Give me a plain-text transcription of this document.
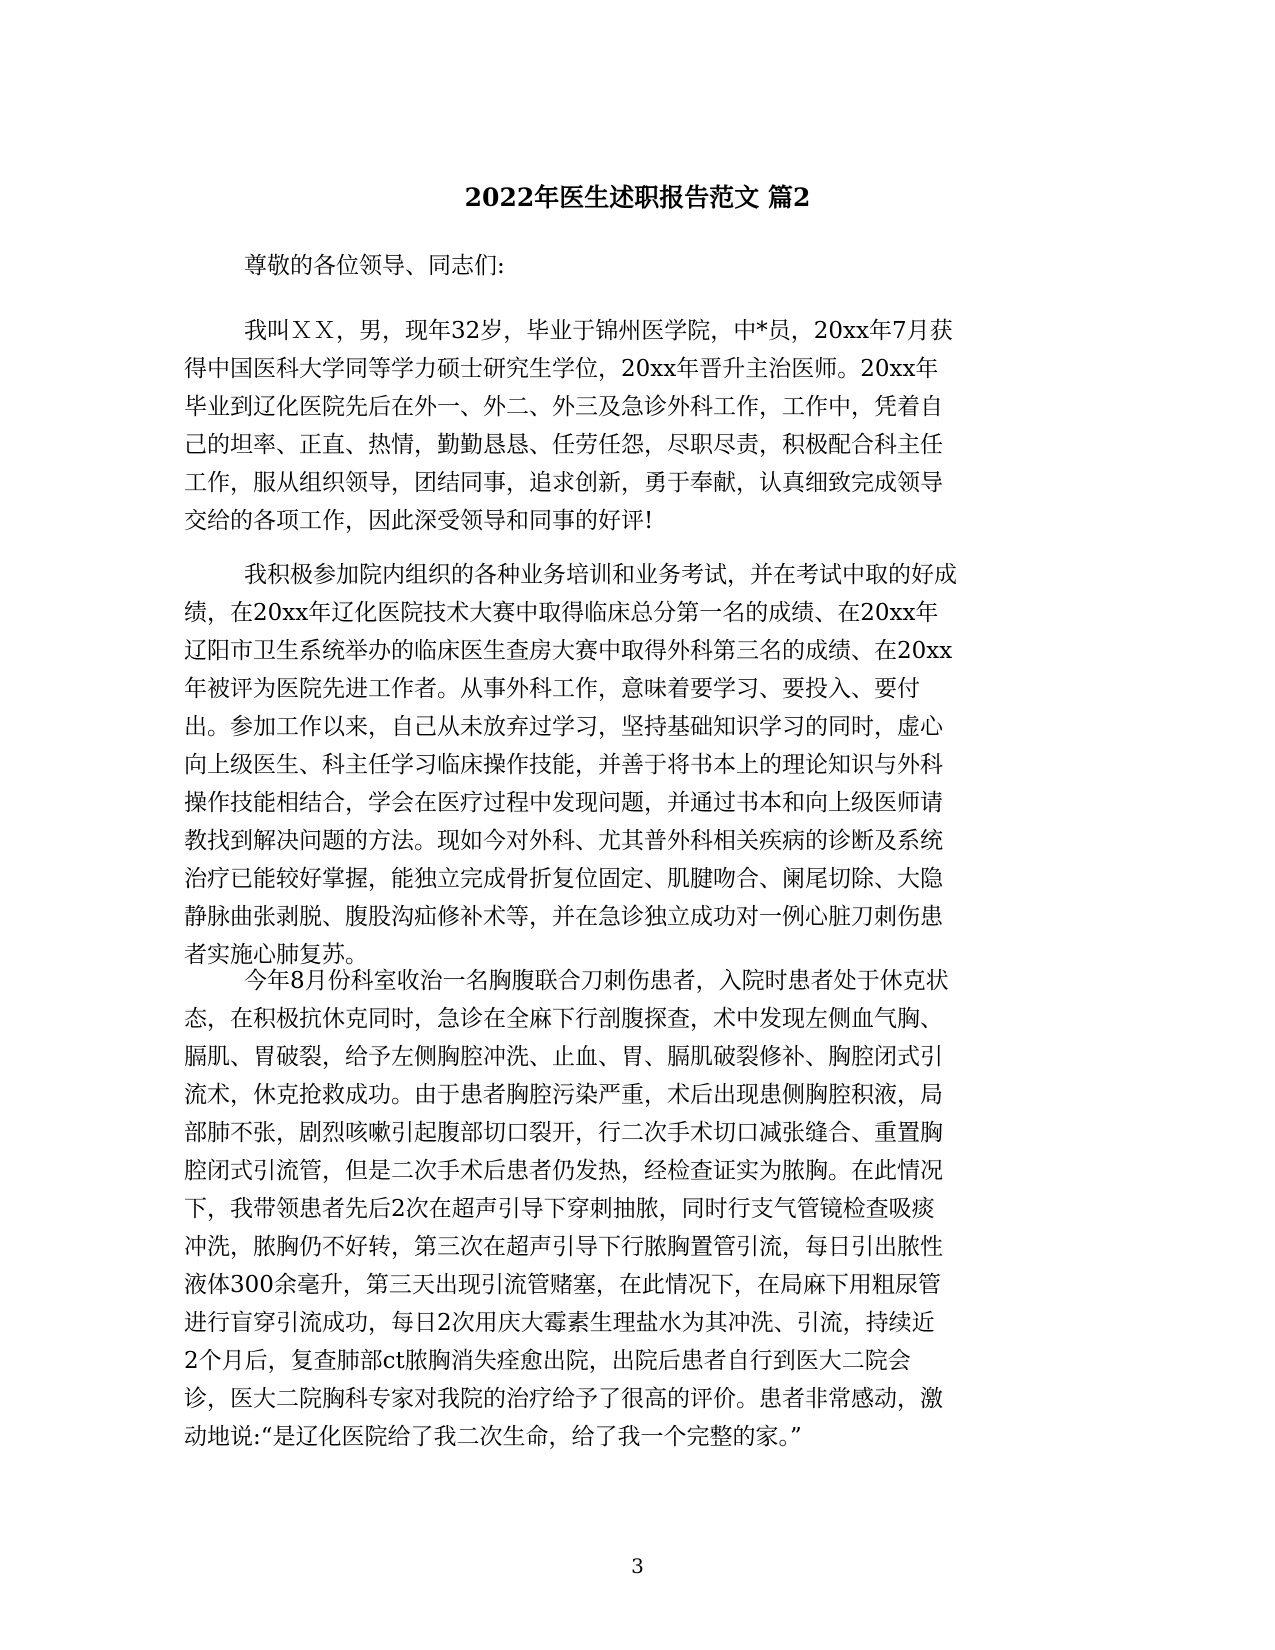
2022年医生述职报告范文 篇2

尊敬的各位领导、同志们:

我叫ＸＸ，男，现年32岁，毕业于锦州医学院，中*员，20xx年7月获
得中国医科大学同等学力硕士研究生学位，20xx年晋升主治医师。20xx年
毕业到辽化医院先后在外一、外二、外三及急诊外科工作，工作中，凭着自
己的坦率、正直、热情，勤勤恳恳、任劳任怨，尽职尽责，积极配合科主任
工作，服从组织领导，团结同事，追求创新，勇于奉献，认真细致完成领导
交给的各项工作，因此深受领导和同事的好评!
我积极参加院内组织的各种业务培训和业务考试，并在考试中取的好成
绩，在20xx年辽化医院技术大赛中取得临床总分第一名的成绩、在20xx年
辽阳市卫生系统举办的临床医生查房大赛中取得外科第三名的成绩、在20xx
年被评为医院先进工作者。从事外科工作，意味着要学习、要投入、要付
出。参加工作以来，自己从未放弃过学习，坚持基础知识学习的同时，虚心
向上级医生、科主任学习临床操作技能，并善于将书本上的理论知识与外科
操作技能相结合，学会在医疗过程中发现问题，并通过书本和向上级医师请
教找到解决问题的方法。现如今对外科、尤其普外科相关疾病的诊断及系统
治疗已能较好掌握，能独立完成骨折复位固定、肌腱吻合、阑尾切除、大隐
静脉曲张剥脱、腹股沟疝修补术等，并在急诊独立成功对一例心脏刀刺伤患
者实施心肺复苏。
今年8月份科室收治一名胸腹联合刀刺伤患者，入院时患者处于休克状
态，在积极抗休克同时，急诊在全麻下行剖腹探查，术中发现左侧血气胸、
膈肌、胃破裂，给予左侧胸腔冲洗、止血、胃、膈肌破裂修补、胸腔闭式引
流术，休克抢救成功。由于患者胸腔污染严重，术后出现患侧胸腔积液，局
部肺不张，剧烈咳嗽引起腹部切口裂开，行二次手术切口减张缝合、重置胸
腔闭式引流管，但是二次手术后患者仍发热，经检查证实为脓胸。在此情况
下，我带领患者先后2次在超声引导下穿刺抽脓，同时行支气管镜检查吸痰
冲洗，脓胸仍不好转，第三次在超声引导下行脓胸置管引流，每日引出脓性
液体300余毫升，第三天出现引流管赌塞，在此情况下，在局麻下用粗尿管
进行盲穿引流成功，每日2次用庆大霉素生理盐水为其冲洗、引流，持续近
2个月后，复查肺部ct脓胸消失痊愈出院，出院后患者自行到医大二院会
诊，医大二院胸科专家对我院的治疗给予了很高的评价。患者非常感动，激
动地说:“是辽化医院给了我二次生命，给了我一个完整的家。”
3
